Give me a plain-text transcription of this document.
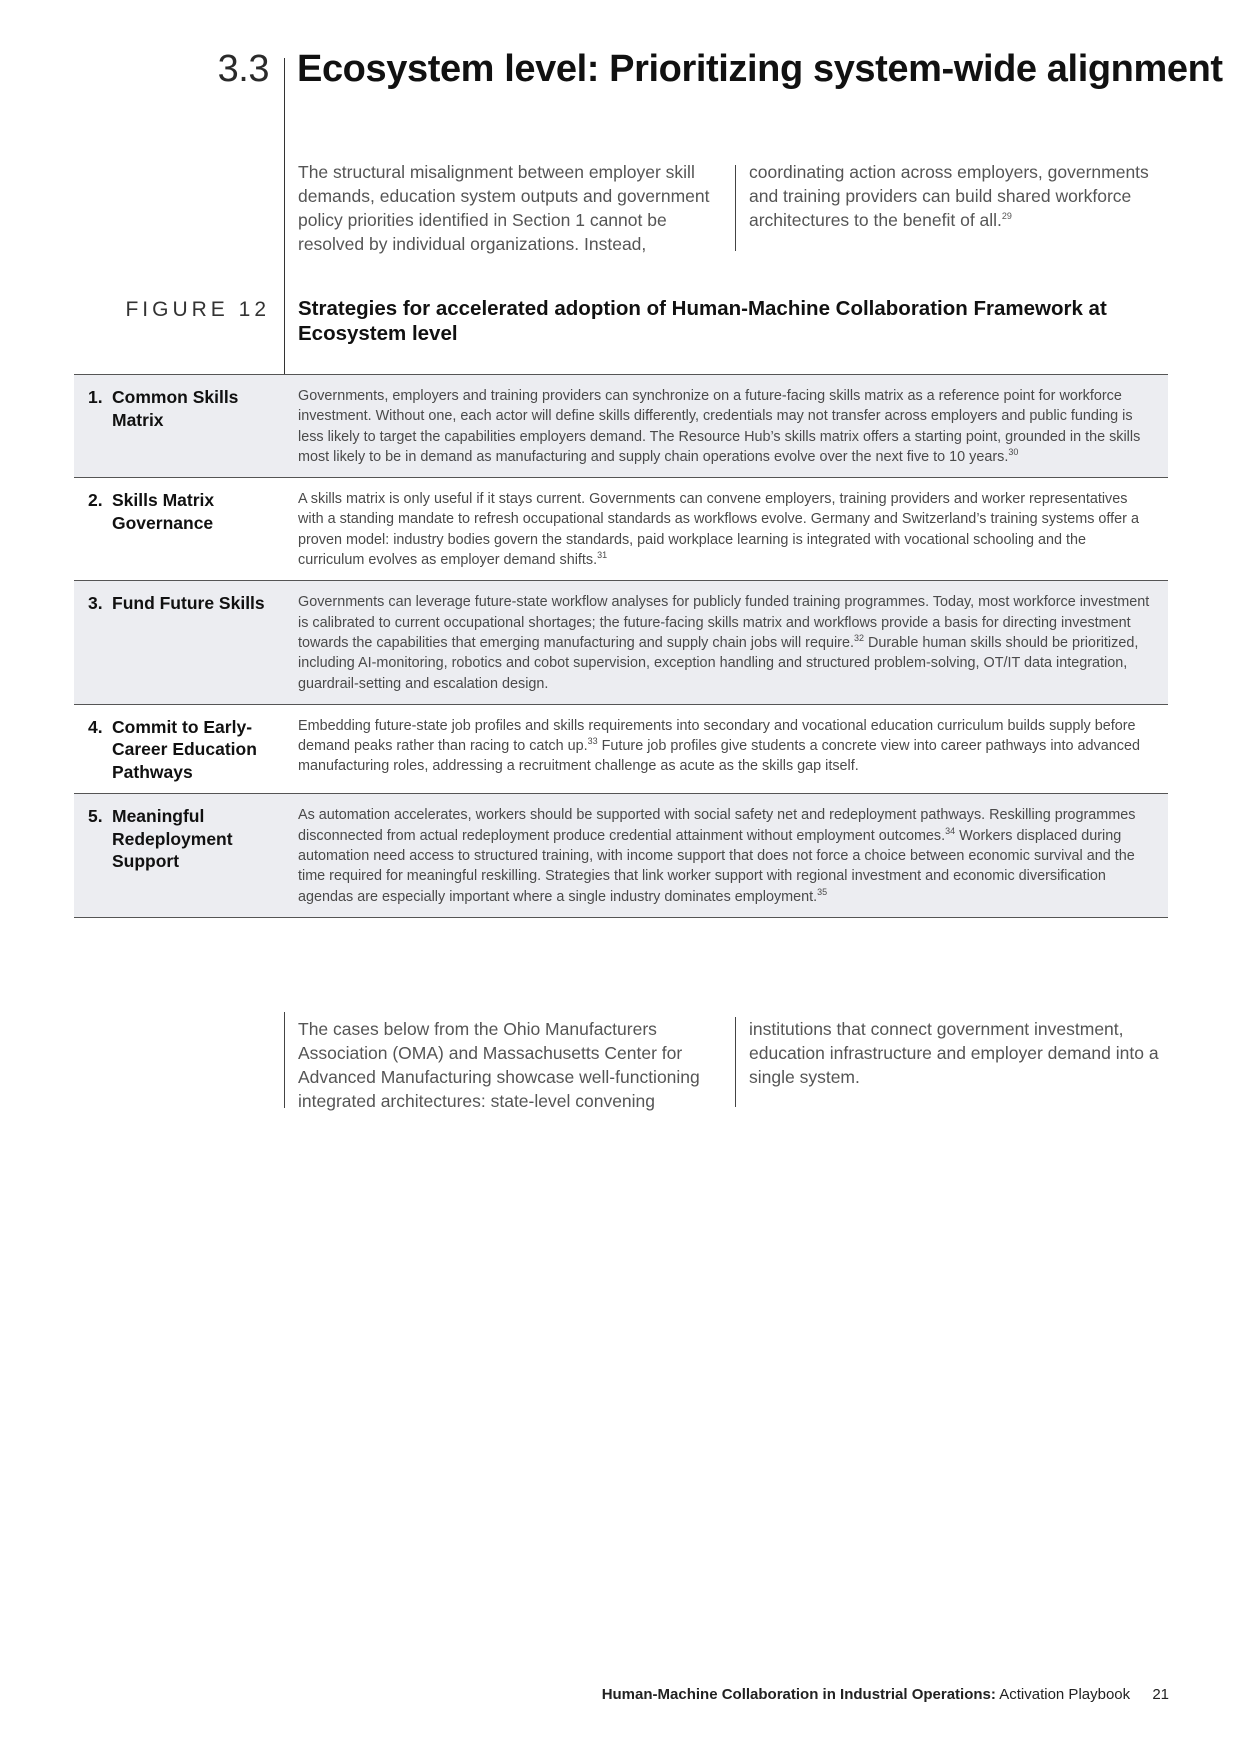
3.3 Ecosystem level: Prioritizing system-wide alignment
The structural misalignment between employer skill demands, education system outputs and government policy priorities identified in Section 1 cannot be resolved by individual organizations. Instead,
coordinating action across employers, governments and training providers can build shared workforce architectures to the benefit of all.$^{29}$
FIGURE 12 Strategies for accelerated adoption of Human-Machine Collaboration Framework at Ecosystem level
1. Common Skills Matrix
Governments, employers and training providers can synchronize on a future-facing skills matrix as a reference point for workforce investment. Without one, each actor will define skills differently, credentials may not transfer across employers and public funding is less likely to target the capabilities employers demand. The Resource Hub’s skills matrix offers a starting point, grounded in the skills most likely to be in demand as manufacturing and supply chain operations evolve over the next five to 10 years.$^{30}$
2. Skills Matrix Governance
A skills matrix is only useful if it stays current. Governments can convene employers, training providers and worker representatives with a standing mandate to refresh occupational standards as workflows evolve. Germany and Switzerland’s training systems offer a proven model: industry bodies govern the standards, paid workplace learning is integrated with vocational schooling and the curriculum evolves as employer demand shifts.$^{31}$
3. Fund Future Skills	Governments can leverage future-state workflow analyses for publicly funded training programmes. Today, most workforce investment is calibrated to current occupational shortages; the future-facing skills matrix and workflows provide a basis for directing investment towards the capabilities that emerging manufacturing and supply chain jobs will require.$^{32}$ Durable human skills should be prioritized, including AI-monitoring, robotics and cobot supervision, exception handling and structured problem-solving, OT/IT data integration, guardrail-setting and escalation design.
4. Commit to Early-Career Education Pathways
Embedding future-state job profiles and skills requirements into secondary and vocational education curriculum builds supply before demand peaks rather than racing to catch up.$^{33}$ Future job profiles give students a concrete view into career pathways into advanced manufacturing roles, addressing a recruitment challenge as acute as the skills gap itself.
5. Meaningful Redeployment Support
As automation accelerates, workers should be supported with social safety net and redeployment pathways. Reskilling programmes disconnected from actual redeployment produce credential attainment without employment outcomes.$^{34}$ Workers displaced during automation need access to structured training, with income support that does not force a choice between economic survival and the time required for meaningful reskilling. Strategies that link worker support with regional investment and economic diversification agendas are especially important where a single industry dominates employment.$^{35}$
The cases below from the Ohio Manufacturers Association (OMA) and Massachusetts Center for Advanced Manufacturing showcase well-functioning integrated architectures: state-level convening
institutions that connect government investment, education infrastructure and employer demand into a single system.
Human-Machine Collaboration in Industrial Operations: Activation Playbook 21
